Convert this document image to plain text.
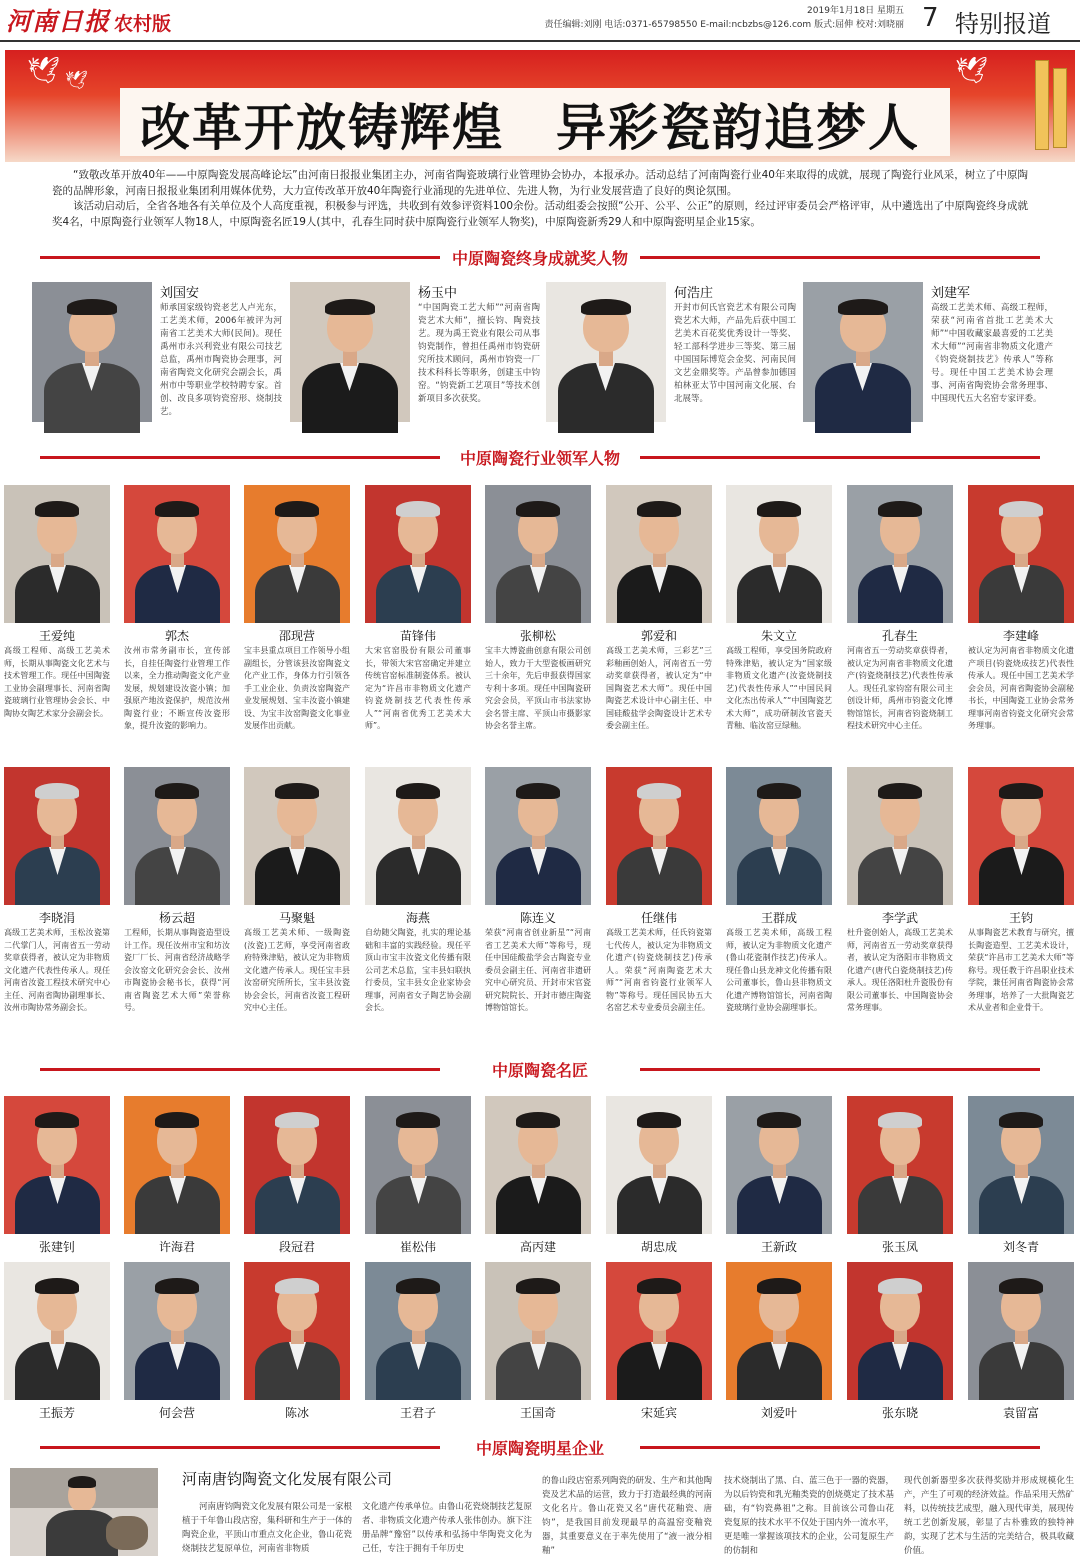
河南日报 农村版
2019年1月18日 星期五
责任编辑:刘刚 电话:0371-65798550 E-mail:ncbzbs@126.com 版式:屈伸 校对:刘晓丽 7 特别报道
🕊 🕊	🕊
改革开放铸辉煌　异彩瓷韵追梦人

“致敬改革开放40年——中原陶瓷发展高峰论坛”由河南日报报业集团主办，河南省陶瓷玻璃行业管理协会协办，本报承办。活动总结了河南陶瓷行业40年来取得的成就，展现了陶瓷行业风采，树立了中原陶瓷的品牌形象，河南日报报业集团利用媒体优势，大力宣传改革开放40年陶瓷行业涌现的先进单位、先进人物，为行业发展营造了良好的舆论氛围。

该活动启动后，全省各地各有关单位及个人高度重视，积极参与评选，共收到有效参评资料100余份。活动组委会按照“公开、公平、公正”的原则，经过评审委员会严格评审，从中遴选出了中原陶瓷终身成就奖4名，中原陶瓷行业领军人物18人，中原陶瓷名匠19人(其中，孔春生同时获中原陶瓷行业领军人物奖)，中原陶瓷新秀29人和中原陶瓷明星企业15家。

中原陶瓷终身成就奖人物
刘国安
师承国家级钧瓷老艺人卢光东，工艺美术师，2006年被评为河南省工艺美术大师(民间)。现任禹州市永兴利瓷业有限公司技艺总监，禹州市陶瓷协会理事，河南省陶瓷文化研究会副会长，禹州市中等职业学校特聘专家。首创、改良多项钧瓷窑形、烧制技艺。
杨玉中
“中国陶瓷工艺大师”“河南省陶瓷艺术大师”，擅长钧、陶瓷技艺。现为禹王瓷业有限公司从事钧瓷制作，曾担任禹州市钧瓷研究所技术顾问，禹州市钧瓷一厂技术科科长等职务，创建玉中钧窑。“钧瓷新工艺项目”等技术创新项目多次获奖。
何浩庄
开封市何氏官瓷艺术有限公司陶瓷艺术大师，产品先后获中国工艺美术百花奖优秀设计一等奖、轻工部科学进步三等奖、第三届中国国际博览会金奖、河南民间文艺金鼎奖等。产品曾参加德国柏林亚太节中国河南文化展、台北展等。
刘建军
高级工艺美术师、高级工程师，荣获“河南省首批工艺美术大师”“中国收藏家最喜爱的工艺美术大师”“河南省非物质文化遗产《钧瓷烧制技艺》传承人”等称号。现任中国工艺美术协会理事、河南省陶瓷协会常务理事、中国现代五大名窑专家评委。
中原陶瓷行业领军人物
王爱纯
高级工程师、高级工艺美术师，长期从事陶瓷文化艺术与技术管理工作。现任中国陶瓷工业协会副理事长、河南省陶瓷玻璃行业管理协会会长、中陶协女陶艺术家分会副会长。
郭杰
汝州市常务副市长，宣传部长，自挂任陶瓷行业管理工作以来，全力推动陶瓷文化产业发展，规划建设汝瓷小镇；加强原产地汝瓷保护，规范汝州陶瓷行业；不断宣传汝瓷形象，提升汝瓷的影响力。
邵现营
宝丰县重点项目工作领导小组副组长，分管该县汝窑陶瓷文化产业工作，身体力行引领各手工业企业、负责汝窑陶瓷产业发展规划、宝丰汝瓷小镇建设、为宝丰汝窑陶瓷文化事业发展作出贡献。
苗锋伟
大宋官窑股份有限公司董事长，带领大宋官窑确定并建立传统官窑标准制瓷体系。被认定为“许昌市非物质文化遗产钧瓷烧制技艺代表性传承人”“河南省优秀工艺美术大师”。
张柳松
宝丰大博瓷曲创意有限公司创始人，致力于大型瓷板画研究三十余年，先后申报获得国家专利十多项。现任中国陶瓷研究会会员，平顶山市书法家协会名誉主席、平顶山市摄影家协会名誉主席。
郭爱和
高级工艺美术师，三彩艺”三彩釉画创始人，河南省五一劳动奖章获得者，被认定为“中国陶瓷艺术大师”。现任中国陶瓷艺术设计中心副主任、中国硅酸盐学会陶瓷设计艺术专委会副主任。
朱文立
高级工程师，享受国务院政府特殊津贴，被认定为“国家级非物质文化遗产(汝瓷烧制技艺)代表性传承人”“中国民间文化杰出传承人”“中国陶瓷艺术大师”，成功研制汝官瓷天青釉、临汝窑豆绿釉。
孔春生
河南省五一劳动奖章获得者，被认定为河南省非物质文化遗产(钧瓷烧制技艺)代表性传承人。现任孔家钧窑有限公司主创设计师，禹州市钧瓷文化博物馆馆长，河南省钧瓷烧制工程技术研究中心主任。
李建峰
被认定为河南省非物质文化遗产项目(钧瓷烧成技艺)代表性传承人。现任中国工艺美术学会会员，河南省陶瓷协会副秘书长，中国陶瓷工业协会常务理事河南省钧瓷文化研究会常务理事。
李晓涓
高级工艺美术师，玉松汝瓷第二代掌门人，河南省五一劳动奖章获得者，被认定为非物质文化遗产代表性传承人。现任河南省汝瓷工程技术研究中心主任、河南省陶协副理事长、汝州市陶协常务副会长。
杨云超
工程师，长期从事陶瓷造型设计工作。现任汝州市宝和坊汝瓷厂厂长、河南省经济战略学会汝窑文化研究会会长、汝州市陶瓷协会秘书长，获得“河南省陶瓷艺术大师”荣誉称号。
马聚魁
高级工艺美术师、一级陶瓷(汝瓷)工艺师，享受河南省政府特殊津贴，被认定为非物质文化遗产传承人。现任宝丰县汝窑研究所所长，宝丰县汝瓷协会会长，河南省汝瓷工程研究中心主任。
海燕
自幼随父陶瓷，扎实的理论基础和丰富的实践经验。现任平顶山市宝丰汝瓷文化传播有限公司艺术总监，宝丰县妇联执行委员，宝丰县女企业家协会理事，河南省女子陶艺协会副会长。
陈连义
荣获“河南省创业新星”“河南省工艺美术大师”等称号，现任中国硅酸盐学会古陶瓷专业委员会副主任、河南省非遗研究中心研究员、开封市宋官瓷研究院院长、开封市德庄陶瓷博物馆馆长。
任继伟
高级工艺美术师，任氏钧瓷第七代传人，被认定为非物质文化遗产(钧瓷烧制技艺)传承人。荣获“河南陶瓷艺术大师”“河南省钧瓷行业领军人物”等称号。现任国民协五大名窑艺术专业委员会副主任。
王群成
高级工艺美术师，高级工程师，被认定为非物质文化遗产(鲁山花瓷制作技艺)传承人。现任鲁山县龙神文化传播有限公司董事长，鲁山县非物质文化遗产博物馆馆长，河南省陶瓷玻璃行业协会副理事长。
李学武
杜升瓷创始人，高级工艺美术师，河南省五一劳动奖章获得者，被认定为洛阳市非物质文化遗产(唐代白瓷烧制技艺)传承人。现任洛阳杜升瓷股份有限公司董事长、中国陶瓷协会常务理事。
王钧
从事陶瓷艺术教育与研究，擅长陶瓷造型、工艺美术设计，荣获“许昌市工艺美术大师”等称号。现任教于许昌职业技术学院，兼任河南省陶瓷协会常务理事，培养了一大批陶瓷艺术从业者和企业骨干。
中原陶瓷名匠
张建钊	许海君	段冠君	崔松伟	高丙建	胡忠成	王新政	张玉凤	刘冬青
王振芳	何会营	陈冰	王君子	王国奇	宋延宾	刘爱叶	张东晓	袁留富
中原陶瓷明星企业
河南唐钧陶瓷文化发展有限公司
河南唐钧陶瓷文化发展有限公司是一家根植于千年鲁山段店窑，集科研和生产于一体的陶瓷企业，平顶山市重点文化企业，鲁山花瓷烧制技艺复原单位，河南省非物质
文化遗产传承单位。由鲁山花瓷烧制技艺复原者、非物质文化遗产传承人张伟创办。旗下注册品牌“豫窑”以传承和弘扬中华陶瓷文化为己任，专注于拥有千年历史
的鲁山段店窑系列陶瓷的研发、生产和其他陶瓷及艺术品的运营，致力于打造最经典的河南文化名片。鲁山花瓷又名“唐代花釉瓷、唐钧”，是我国目前发现最早的高温窑变釉瓷器，其重要意义在于率先使用了“液一液分相釉”
技术烧制出了黑、白、蓝三色于一器的瓷器，为以后钧瓷和乳光釉类瓷的创烧奠定了技术基础，有“钧瓷鼻祖”之称。目前该公司鲁山花瓷复原的技术水平不仅处于国内外一流水平，更是唯一掌握该项技术的企业，公司复原生产的仿制和
现代创新器型多次获得奖励并形成规模化生产，产生了可观的经济效益。作品采用天然矿料，以传统技艺成型，融入现代审美，展现传统工艺创新发展，彰显了古朴雅致的独特神韵，实现了艺术与生活的完美结合，极具收藏价值。
